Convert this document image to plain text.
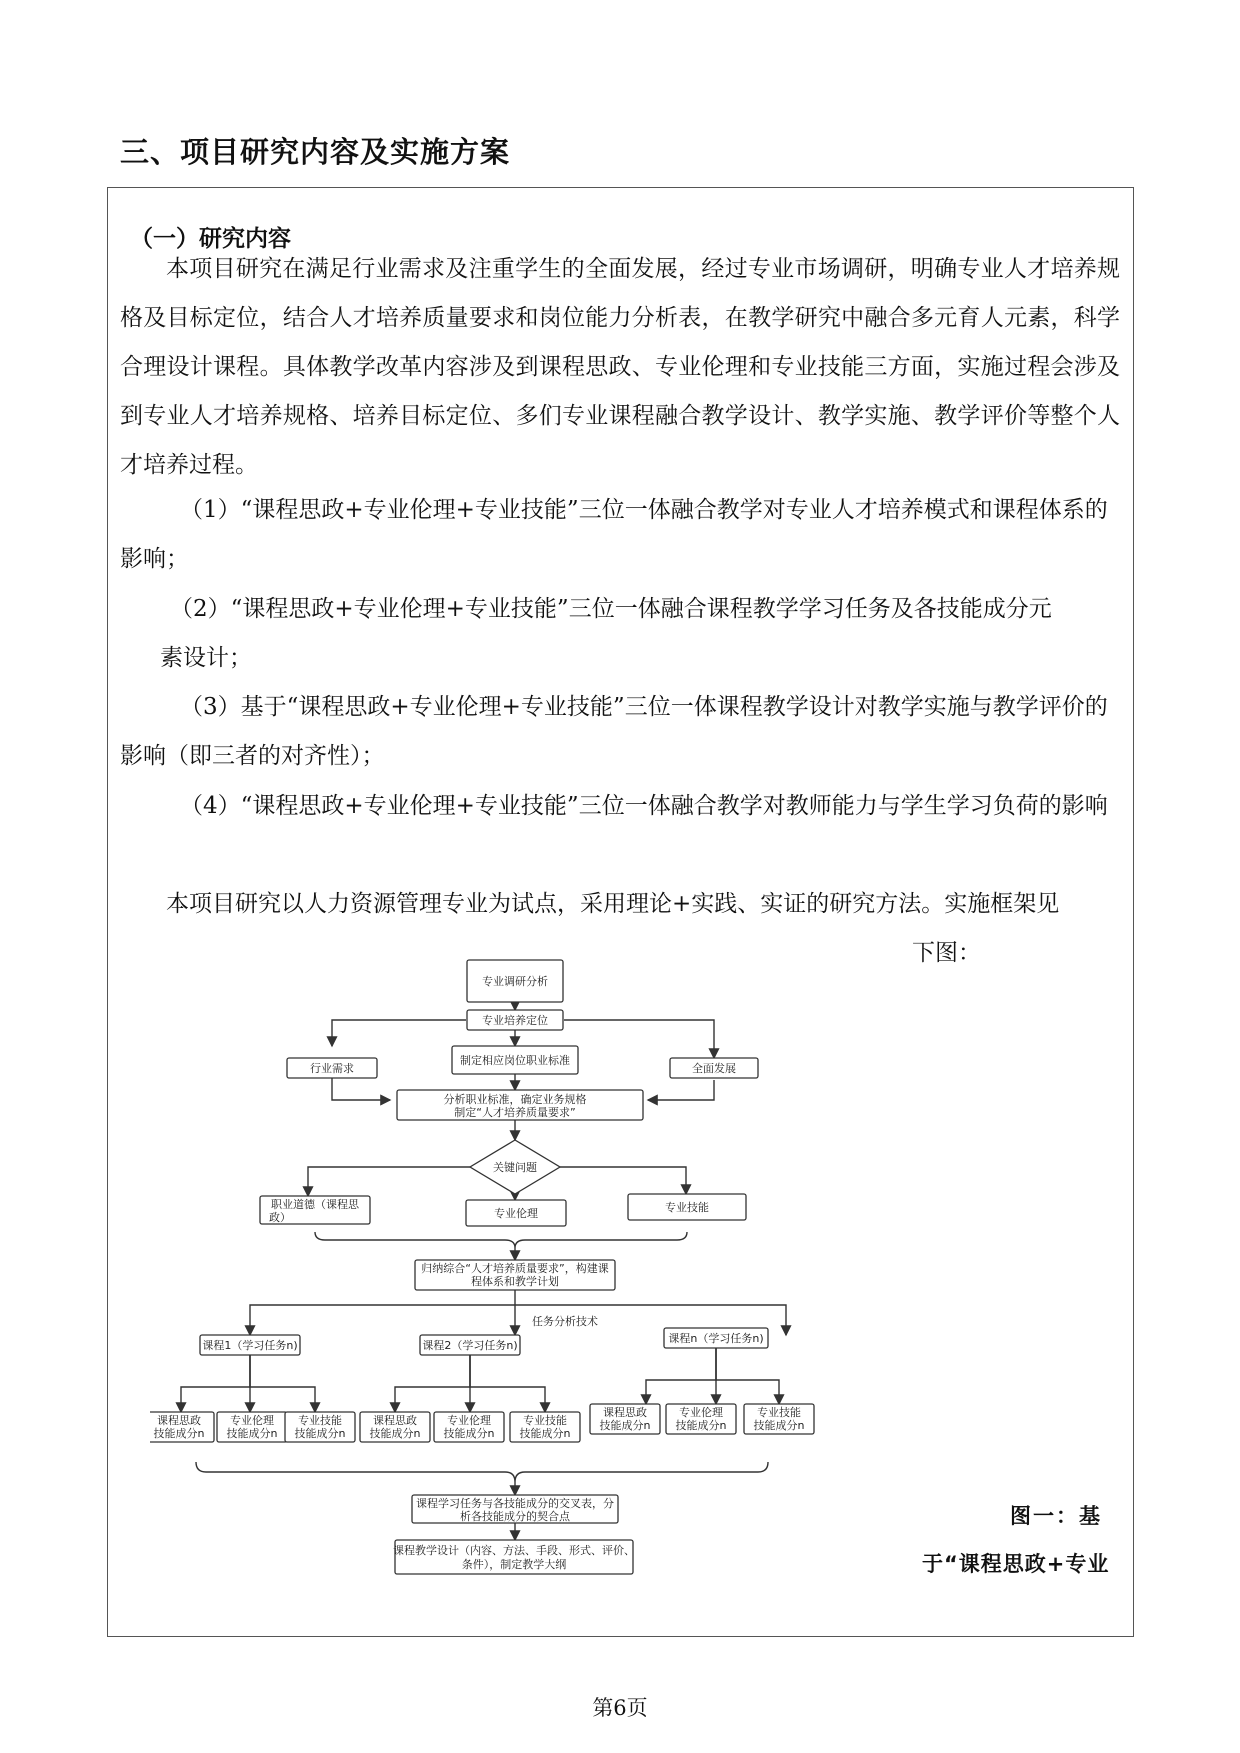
三、项目研究内容及实施方案
（一）研究内容

本项目研究在满足行业需求及注重学生的全面发展，经过专业市场调研，明确专业人才培养规格及目标定位，结合人才培养质量要求和岗位能力分析表，在教学研究中融合多元育人元素，科学合理设计课程。具体教学改革内容涉及到课程思政、专业伦理和专业技能三方面，实施过程会涉及到专业人才培养规格、培养目标定位、多们专业课程融合教学设计、教学实施、教学评价等整个人才培养过程。

（1）“课程思政+专业伦理+专业技能”三位一体融合教学对专业人才培养模式和课程体系的影响；

（2）“课程思政+专业伦理+专业技能”三位一体融合课程教学学习任务及各技能成分元

素设计；

（3）基于“课程思政+专业伦理+专业技能”三位一体课程教学设计对教学实施与教学评价的影响（即三者的对齐性）；

（4）“课程思政+专业伦理+专业技能”三位一体融合教学对教师能力与学生学习负荷的影响

本项目研究以人力资源管理专业为试点，采用理论+实践、实证的研究方法。实施框架见

下图：

专业调研分析
专业培养定位
制定相应岗位职业标准
行业需求	全面发展
分析职业标准，确定业务规格
制定“人才培养质量要求”
关键问题
职业道德（课程思
政）	专业伦理	专业技能
归纳综合“人才培养质量要求”，构建课
程体系和教学计划
任务分析技术
课程1（学习任务n)	课程2（学习任务n)
课程n（学习任务n)
课程思政
技能成分n
专业伦理
技能成分n
专业技能
技能成分n
课程思政
技能成分n
专业伦理
技能成分n
专业技能
技能成分n
课程思政
技能成分n
专业伦理
技能成分n
专业技能
技能成分n
课程学习任务与各技能成分的交叉表，分
析各技能成分的契合点
课程教学设计（内容、方法、手段、形式、评价、
条件），制定教学大纲
图一：基
于“课程思政+专业
第6页
